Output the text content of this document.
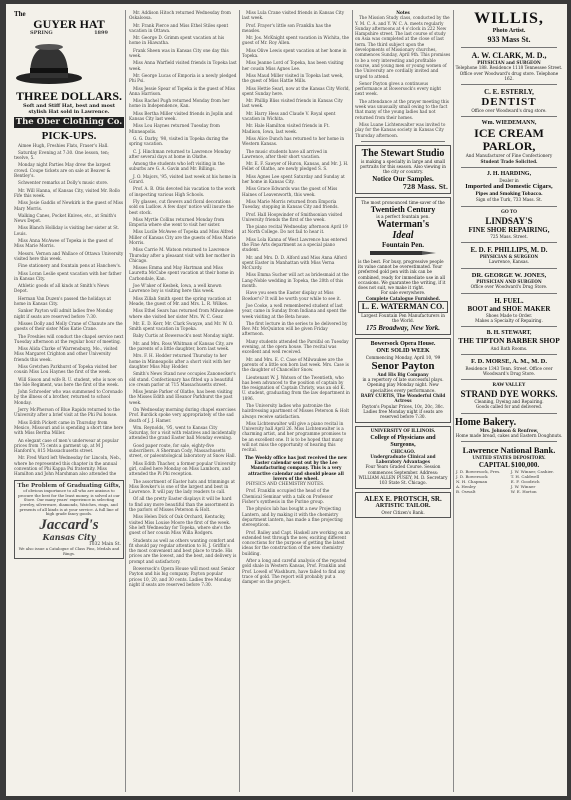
The
GUYER HAT
SPRING	1899
THREE DOLLARS.
Soft and Stiff Hat, best and most stylish Hat sold in Lawrence.
The Ober Clothing Co.
PICK-UPS.

Aimee Hugh, Freshies Flats, Fraser's Hall.

Saturday Evening at 7:30. One lesson, ten; twelve, 5.

Monday night Parties May drew the largest crowd. Coupe tickets are on sale at Beaver & Bentley's.

Schwenter remarks at Dolly's music store.

Mr. Will Hanna, of Kansas City, visited Mr. Rollo Fife this week.

Miss Josie Gaddis of Newkirk is the guest of Miss Mary Morris.

Walking Canes, Pocket Knives, etc., at Smith's News Depot.

Miss Blanch Holliday is visiting her sister at St. Louis.

Miss Anna McAwee of Topeka is the guest of Miss Marie Morris.

Messrs. Vernon and Wallace of Ottawa University visited here this week.

Fine stationery and fountain pens at Hanchew's.

Miss Loran Leslie spent vacation with her father in Kansas City.

Athletic goods of all kinds at Smith's News Depot.

Herman Van Duzen's passed the holidays at home in Kansas City.

Sanker Payton will admit ladies free Monday night if seats are reserved before 7:30.

Misses Dolly and Molly Crane of Chanute are the guests of their sister Miss Katie Crane.

The Freshies will conduct the chapel service next Tuesday afternoon at the regular hour of meeting.

Miss Alida Clarke of Warrensburg, Mo., visited Miss Margaret Crighton and other University friends this week.

Miss Gretchen Parkhurst of Topeka visited her cousin Miss Lou Haynes the first of the week.

Will Sisson and wife R. U. student, who is now on the Isle Regiment, was here the first of the week.

John Schroeder who was summoned to Coronado by the illness of a brother, returned to school Monday.

Jerry McPherson of Blue Rapids returned to the University after a brief visit at the Phi Psi house.

Miss Edith Pickett came in Thursday from Mexico, Missouri and is spending a short time here with Miss Bertha Miller.

An elegant case of men's underwear at popular prices from 75 cents a garment up, at M J Hanford's, 815 Massachusetts street.

Mr. Fred Ward left Wednesday for Lincoln, Neb., where he represented this chapter in the annual convention of Phi Kappa Psi fraternity. Miss Hamilton and John Marshman also attended the

The Problem of Graduating Gifts,
of obvious importance to all who are anxious to procure the best for the least money, is solved at our Store. Our many years' experience in selecting jewelry, silverware, diamonds, Watches, rings, and presents of all kinds is at your service. A full line of high grade fancy goods.
Jaccard's
Kansas City
1032 Main St.
We also issue a Catalogue of Class Pins, Medals and Rings.

Mr. Addison Hitoch returned Wednesday from Oskaloosa.

Mr. Frank Pierce and Miss Ethel Stiles spent vacation in Ottawa.

Mr. George D. Grimm spent vacation at his home in Hiawatha.

Frank Sheen was in Kansas City one day this week.

Miss Anna Warfield visited friends in Topeka last week.

Mr. George Lucas of Emporia is a newly pledged Phi Psi.

Miss Jessie Spear of Topeka is the guest of Miss Anna Harrison.

Miss Rachel Pugh returned Monday from her home in Independence, Kan.

Miss Bertha Miller visited friends in Joplin and Kansas City last week.

Miss Lou Haynes returned Tuesday from Minneapolis.

G. G. Darby, '98, visited in Topeka during the spring vacation.

C. J. Hinchman returned to Lawrence Monday after several days at home in Olathe.

Among the students who left visiting in the suburbs are G. A. Gavin and Mr. Billings.

J. O. Majors, '95, visited last week at his home in Girard.

Prof. A. B. Otis devoted his vacation to the work of inspecting various High Schools.

Fly glasses, cut flowers and floral decorations sold on Ludlow. A few days' notice will insure the best stock.

Miss Myrtle Collins returned Monday from Emporia where she went to visit her sister.

Miss Lucile McAwee of Topeka and Miss Alfred Miller of Kansas City are the guests of Miss Marie Morris.

Miss Carrie M. Watson returned to Lawrence Thursday after a pleasant visit with her mother in Chicago.

Misses Emma and May Hartman and Miss Lauretta McCabe spent vacation at their home in Carbondale, Kan.

Joe W'aker of Kesbek, Iowa, a well known Lawrence boy is visiting here this week.

Miss Zillah Smith spent the spring vacation at Meade, the guest of Mr. and Mrs. L. R. Wilkes.

Miss Ethel Sears has returned from Milwaukee where she visited her sister Mrs. W. C. Gear.

Mr. E. D. Kerr, Mr. Clark Swayze, and Mr. W. O. Smith spent vacation in Topeka.

Baby Curtis at Bowersock's next Monday night.

Mr. and Mrs. Ross Whitman of Kansas City, are the parents of a little daughter, born last week.

Mrs. F. H. Hodder returned Thursday to her home in Minneapolis after a short visit with her daughter Miss May Hodder.

Smith's News Stand now occupies Zanonecker's old stand. Confectionary has fitted up a beautiful ice cream parlor at 715 Massachusetts street.

Miss Jennie Parker of Olathe, has been visiting the Misses Edith and Eleanor Parkhurst the past week.

On Wednesday morning during chapel exercises Prof. Burdick spoke very appropriately of the sad death of J. J. Hamer.

Wm. Reynolds, '95, went to Kansas City Saturday, for a visit with relatives and incidentally attended the grand Easter ball Monday evening.

Good paper route, for sale, eighty-five subscribers. A Sherman Cody, Massachusetts street, or paleontological laboratory at Snow Hall.

Miss Edith Thacher, a former popular University girl, called here Monday on Miss Lamborn, and attended the Pi Phi reception.

The assortment of Easter hats and trimmings at Miss Bowker's is one of the largest and best in Lawrence. It will pay the lady readers to call.

Of all the pretty Easter displays it will be hard to find any more beautiful than the assortment in the parlors of Misses Peterson & Holt.

Miss Helen Dick of Oak Orchard, Kentucky, visited Miss Louise Moore the first of the week. She left Wednesday for Topeka, where she's the guest of her cousin Miss Willa Rodgers.

Students as well as others wanting comfort and fit should pay regular attention to H. J. Griffin's the most convenient and best place to trade. His prices are the lowest, and the best, and delivery is prompt and satisfactory.

Bowersock's Opera House will most seat Senior Payton and his big company. Payton popular prices 10, 20, and 30 cents. Ladies free Monday night if seats are reserved before 7:30.

Miss Lula Crane visited friends in Kansas City last week.

Prof. Frayer's little son Franklin has the measles.

Mr. Jos. McKnight spent vacation in Wichita, the guest of Mr. Roy Allen.

Miss Olive Lewis spent vacation at her home in Topeka.

Miss Jeanne Lord of Topeka, has been visiting her cousin Miss Agnes Lee.

Miss Maud Miller visited in Topeka last week, the guest of Miss Hattie Mills.

Miss Hettie Searl, now at the Kansas City World, spent Sunday here.

Mr. Phillip Bliss visited friends in Kansas City last week.

Mr. Harry Hess and Claude V. Royal spent vacation in Wichita.

Mr. Hale Hamilton visited friends in Ft. Madison, Iowa, last week.

Miss Alice Dunch has returned to her home in Western Kansas.

The music students have all arrived in Lawrence, after their short vacation.

Mr. E. F. Sawyer of Huron, Kansas, and Mr. J. H. Fellet of Olathe, are newly pledged S. S.

Miss Agnes Lee spent Saturday and Sunday at her home in Kansas City.

Miss Grace Edwards was the guest of Miss Haines of Leavenworth, this week.

Miss Marie Morris returned from Emporia Tuesday, stopping in Kansas City and friends.

Prof. Hall Hoopwinder of Smithsonian visited University friends the first of the week.

The piano recital Wednesday afternoon April 19 at North College. Do not fail to hear it.

Miss Lola Kanna of West Lawrence has entered the Fine Arts department as a special piano student.

Mr. and Mrs. D. D. Alford and Miss Anna Alford spent Easter in Manhattan with Miss Verna McCurdy.

Miss Emma Sucher will act as bridesmaid at the Lang-Noble wedding in Topeka, the 20th of this month.

Have you seen the Easter display at Miss Bowker's? It will be worth your while to see it.

Joe Cooke, a well remembered student of last year, came in Sunday from Indiana and spent the week visiting at the Beta house.

The first lecture in the series to be delivered by Rev. Mr. McQuinton will be given Friday afternoon.

Many students attended the Parsifal on Tuesday evening, at the opera house. The recital was excellent and well received.

Mr. and Mrs. E. C. Case of Milwaukee are the parents of a little son born last week. Mrs. Case is the daughter of Chancellor Snow.

Lieutenant W. J. Watson of the Twentieth, who has been advanced to the position of captain by the resignation of Captain Christy, was an old K. U. student, graduating from the law department in 1896.

The University ladies who patronize the hairdressing apartment of Misses Peterson & Holt always receive satisfaction.

Miss Lichtenwalter will give a piano recital in University hall April 26. Miss Lichtenwalter is a charming artist, and her programme promises to be an excellent one. It is to be hoped that many will not miss the opportunity of hearing this recital.

The Weekly office has just received the new Easter calendar sent out by the Lee Manufacturing company. This is a very attractive calendar and should please all lovers of the wheel.

PHYSICS AND CHEMISTRY NOTES.

Prof. Franklin occupied the head of the Chemical Seminar with a talk on Professor Fisher's synthesis in the Purine group.

The physics lab has bought a new Projecting Lantern, and by making it with the chemistry department lantern, has made a fine projecting stereopticon.

Prof. Bailey and Capt. Haskell are working on an extended test through the new, exciting different concoctions for the purpose of getting the latest ideas for the construction of the new chemistry building.

After a long and careful analysis of the reputed gold shale in Western Kansas, Prof. Franklin and Prof. Lowell of Washburn, have failed to find any trace of gold. The report will probably put a damper on the project.

Notes

The Mission Study class, conducted by the Y. M. C. A. and Y. W. C. A. meets regularly Sunday afternoons at 4 o'clock in 222 New Hampshire street. The last course of study on Asia was completed at the close of last term. The third subject upon the developments of Missionary churches, commences Sunday, April 9th. This promises to be a very interesting and profitable course, and young men or young women of the University are cordially invited and urged to attend.

Senor Payton gives a continuous performance at Bowersock's every night next week.

The attendance at the prayer meeting this week was unusually small owing to the fact that many of the young ladies had not returned from their homes.

Miss Luane Lichtenwalter was invited to play for the Kansas society in Kansas City Thursday afternoon.

The Stewart Studio
is making a specialty in large and small portraits for this season. Also viewing in the city or country.
Notice Our Samples.
728 Mass. St.
The most pronounced time-saver of the
Twentieth Century
is a perfect fountain pen.
Waterman's
Ideal
Fountain Pen.
is the best. For busy, progressive people its value cannot be overestimated. Your preferred gold pen with ink can be combined, ready for immediate use in all occasions. We guarantee the writing, if it does not suit, we make it right.
For sale everywhere.
Complete Catalogue Furnished.
L. E. WATERMAN CO.
Largest Fountain Pen Manufacturers in the World.
175 Broadway, New York.
Bowersock Opera House.
ONE SOLID WEEK
Commencing Monday, April 10, '99
Senor Payton
And His Big Company
in a repertory of late successful plays. Opening play Monday night. New specialties every performance.
BABY CURTIS, The Wonderful Child Actress
Payton's Popular Prices, 10c, 20c, 30c.
Ladies free Monday night if seats are reserved before 7:30.
UNIVERSITY OF ILLINOIS.
College of Physicians and Surgeons,
CHICAGO.
Undergraduate Clinical and Laboratory Advantages
Four Years Graded Course. Session commences September. Address:
WILLIAM ALLEN PUSEY, M. D. Secretary
103 State St. Chicago.
ALEX E. PROTSCH, SR.
ARTISTIC TAILOR.
Over Citizen's Bank.
WILLIS,
Photo Artist.
933 Mass St.
A. W. CLARK, M. D.,
PHYSICIAN and SURGEON
Telephone 188. Residence 1118 Tennessee Street. Office over Woodward's drug store. Telephone 162.
C. E. ESTERLY,
DENTIST
Office over Woodward's drug store.
Wm. WIEDEMANN,
ICE CREAM
PARLOR,
And Manufacturer of Fine Confectionery
Student Trade Solicited.
J. H. HARDING,
Dealer in
Imported and Domestic Cigars,
Pipes and Smoking Tobacco.
Sign of the Turk, 733 Mass. St.
GO TO
LINDSAY'S
FINE SHOE REPAIRING,
725 Mass. Street.
E. D. F. PHILLIPS, M. D.
PHYSICIAN & SURGEON
Lawrence, Kansas.
DR. GEORGE W. JONES,
PHYSICIAN AND SURGEON
Office over Woodward's Drug Store.
H. FUEL.
BOOT and SHOE MAKER
Shoes Made to Order.
Makes a Specialty of Repairing.
B. H. STEWART,
THE TIPTON BARBER SHOP
And Bath Rooms.
F. D. MORSE, A. M., M. D.
Residence 1343 Tenn. Street. Office over Woodward's Drug Store.
RAW VALLEY
STRAND DYE WORKS.
Cleaning, Dyeing and Repairing.
Goods called for and delivered.
Home Bakery.
Mrs. Johnson & Renfrow,
Home made bread, cakes and Eastern Doughnuts.
Lawrence National Bank.
UNITED STATES DEPOSITORY.
CAPITAL $100,000.
J. D. Bowersock, Pres.	J. W. Winner, Cashier.
J. D. Bowersock	T. H. Caldwell
N. H. Chapman	E. F. Goodrich
A. Henley	J. W. Winner
B. Oswalt	W. E. Horton
